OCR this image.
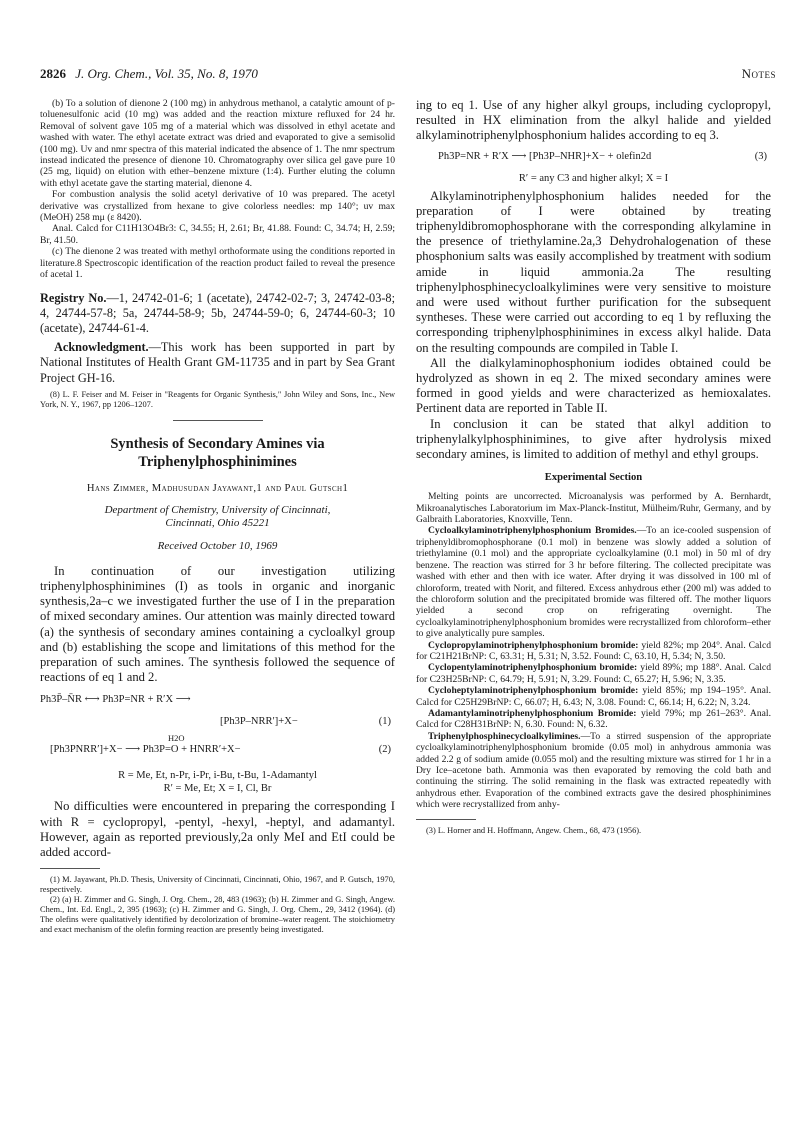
2826 J. Org. Chem., Vol. 35, No. 8, 1970	Notes

(b) To a solution of dienone 2 (100 mg) in anhydrous methanol, a catalytic amount of p-toluenesulfonic acid (10 mg) was added and the reaction mixture refluxed for 24 hr. Removal of solvent gave 105 mg of a material which was dissolved in ethyl acetate and washed with water. The ethyl acetate extract was dried and evaporated to give a semisolid (100 mg). Uv and nmr spectra of this material indicated the absence of 1. The nmr spectrum instead indicated the presence of dienone 10. Chromatography over silica gel gave pure 10 (25 mg, liquid) on elution with ether–benzene mixture (1:4). Further eluting the column with ethyl acetate gave the starting material, dienone 4.

For combustion analysis the solid acetyl derivative of 10 was prepared. The acetyl derivative was crystallized from hexane to give colorless needles: mp 140°; uv max (MeOH) 258 mμ (ε 8420).

Anal. Calcd for C11H13O4Br3: C, 34.55; H, 2.61; Br, 41.88. Found: C, 34.74; H, 2.59; Br, 41.50.

(c) The dienone 2 was treated with methyl orthoformate using the conditions reported in literature.8 Spectroscopic identification of the reaction product failed to reveal the presence of acetal 1.

Registry No.—1, 24742-01-6; 1 (acetate), 24742-02-7; 3, 24742-03-8; 4, 24744-57-8; 5a, 24744-58-9; 5b, 24744-59-0; 6, 24744-60-3; 10 (acetate), 24744-61-4.

Acknowledgment.—This work has been supported in part by National Institutes of Health Grant GM-11735 and in part by Sea Grant Project GH-16.

(8) L. F. Feiser and M. Feiser in "Reagents for Organic Synthesis," John Wiley and Sons, Inc., New York, N. Y., 1967, pp 1206–1207.

Synthesis of Secondary Amines via
Triphenylphosphinimines
Hans Zimmer, Madhusudan Jayawant,1 and Paul Gutsch1
Department of Chemistry, University of Cincinnati,
Cincinnati, Ohio 45221
Received October 10, 1969

In continuation of our investigation utilizing triphenylphosphinimines (I) as tools in organic and inorganic synthesis,2a–c we investigated further the use of I in the preparation of mixed secondary amines. Our attention was mainly directed toward (a) the synthesis of secondary amines containing a cycloalkyl group and (b) establishing the scope and limitations of this method for the preparation of such amines. The synthesis followed the sequence of reactions of eq 1 and 2.

Ph3P̄–N̄R ⟷ Ph3P=NR + R′X ⟶
[Ph3P–NRR′]+X−	(1)
H2O
[Ph3PNRR′]+X− ⟶ Ph3P=O + HNRR′+X−	(2)
R = Me, Et, n-Pr, i-Pr, i-Bu, t-Bu, 1-Adamantyl
R′ = Me, Et; X = I, Cl, Br

No difficulties were encountered in preparing the corresponding I with R = cyclopropyl, -pentyl, -hexyl, -heptyl, and adamantyl. However, again as reported previously,2a only MeI and EtI could be added accord-

(1) M. Jayawant, Ph.D. Thesis, University of Cincinnati, Cincinnati, Ohio, 1967, and P. Gutsch, 1970, respectively.

(2) (a) H. Zimmer and G. Singh, J. Org. Chem., 28, 483 (1963); (b) H. Zimmer and G. Singh, Angew. Chem., Int. Ed. Engl., 2, 395 (1963); (c) H. Zimmer and G. Singh, J. Org. Chem., 29, 3412 (1964). (d) The olefins were qualitatively identified by decolorization of bromine–water reagent. The stoichiometry and exact mechanism of the olefin forming reaction are presently being investigated.

ing to eq 1. Use of any higher alkyl groups, including cyclopropyl, resulted in HX elimination from the alkyl halide and yielded alkylaminotriphenylphosphonium halides according to eq 3.

Ph3P=NR + R′X ⟶ [Ph3P–NHR]+X− + olefin2d	(3)
R′ = any C3 and higher alkyl; X = I

Alkylaminotriphenylphosphonium halides needed for the preparation of I were obtained by treating triphenyldibromophosphorane with the corresponding alkylamine in the presence of triethylamine.2a,3 Dehydrohalogenation of these phosphonium salts was easily accomplished by treatment with sodium amide in liquid ammonia.2a The resulting triphenylphosphinecycloalkylimines were very sensitive to moisture and were used without further purification for the subsequent syntheses. These were carried out according to eq 1 by refluxing the corresponding triphenylphosphinimines in excess alkyl halide. Data on the resulting compounds are compiled in Table I.

All the dialkylaminophosphonium iodides obtained could be hydrolyzed as shown in eq 2. The mixed secondary amines were formed in good yields and were characterized as hemioxalates. Pertinent data are reported in Table II.

In conclusion it can be stated that alkyl addition to triphenylalkylphosphinimines, to give after hydrolysis mixed secondary amines, is limited to addition of methyl and ethyl groups.

Experimental Section

Melting points are uncorrected. Microanalysis was performed by A. Bernhardt, Mikroanalytisches Laboratorium im Max-Planck-Institut, Mülheim/Ruhr, Germany, and by Galbraith Laboratories, Knoxville, Tenn.

Cycloalkylaminotriphenylphosphonium Bromides.—To an ice-cooled suspension of triphenyldibromophosphorane (0.1 mol) in benzene was slowly added a solution of triethylamine (0.1 mol) and the appropriate cycloalkylamine (0.1 mol) in 50 ml of dry benzene. The reaction was stirred for 3 hr before filtering. The collected precipitate was washed with ether and then with ice water. After drying it was dissolved in 100 ml of chloroform, treated with Norit, and filtered. Excess anhydrous ether (200 ml) was added to the chloroform solution and the precipitated bromide was filtered off. The mother liquors yielded a second crop on refrigerating overnight. The cycloalkylaminotriphenylphosphonium bromides were recrystallized from chloroform–ether to give analytically pure samples.

Cyclopropylaminotriphenylphosphonium bromide: yield 82%; mp 204°. Anal. Calcd for C21H21BrNP: C, 63.31; H, 5.31; N, 3.52. Found: C, 63.10, H, 5.34; N, 3.50.

Cyclopentylaminotriphenylphosphonium bromide: yield 89%; mp 188°. Anal. Calcd for C23H25BrNP: C, 64.79; H, 5.91; N, 3.29. Found: C, 65.27; H, 5.96; N, 3.35.

Cycloheptylaminotriphenylphosphonium bromide: yield 85%; mp 194–195°. Anal. Calcd for C25H29BrNP: C, 66.07; H, 6.43; N, 3.08. Found: C, 66.14; H, 6.22; N, 3.24.

Adamantylaminotriphenylphosphonium Bromide: yield 79%; mp 261–263°. Anal. Calcd for C28H31BrNP: N, 6.30. Found: N, 6.32.

Triphenylphosphinecycloalkylimines.—To a stirred suspension of the appropriate cycloalkylaminotriphenylphosphonium bromide (0.05 mol) in anhydrous ammonia was added 2.2 g of sodium amide (0.055 mol) and the resulting mixture was stirred for 1 hr in a Dry Ice–acetone bath. Ammonia was then evaporated by removing the cold bath and continuing the stirring. The solid remaining in the flask was extracted repeatedly with anhydrous ether. Evaporation of the combined extracts gave the desired phosphinimines which were recrystallized from anhy-

(3) L. Horner and H. Hoffmann, Angew. Chem., 68, 473 (1956).
